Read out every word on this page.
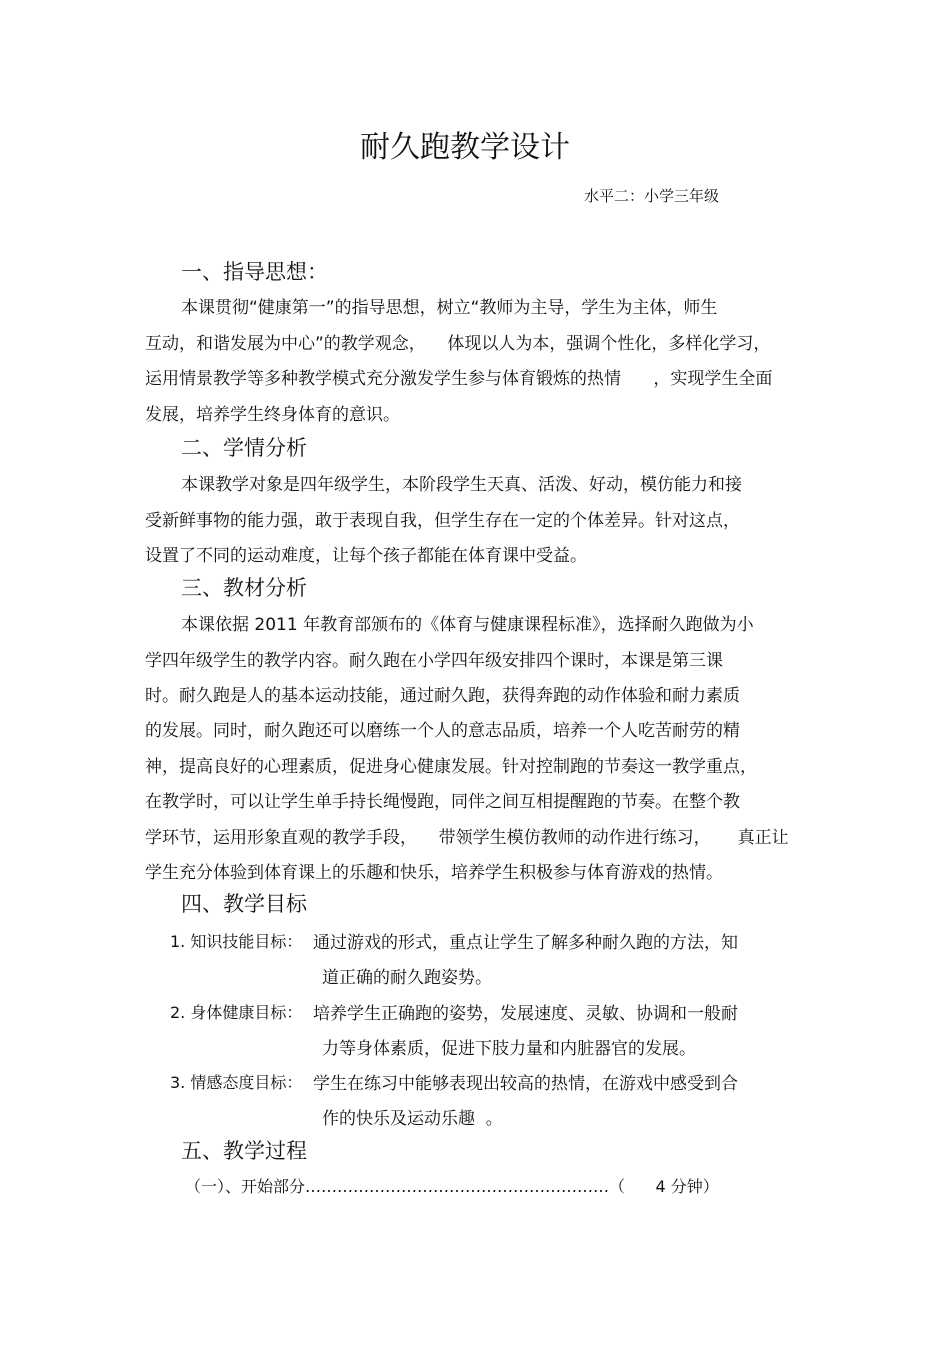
耐久跑教学设计
水平二：小学三年级
一、指导思想：
本课贯彻“健康第一”的指导思想，树立“教师为主导，学生为主体，师生
互动，和谐发展为中心”的教学观念，    体现以人为本，强调个性化，多样化学习，
运用情景教学等多种教学模式充分激发学生参与体育锻炼的热情      ，实现学生全面
发展，培养学生终身体育的意识。
二、学情分析
本课教学对象是四年级学生，本阶段学生天真、活泼、好动，模仿能力和接
受新鲜事物的能力强，敢于表现自我，但学生存在一定的个体差异。针对这点，
设置了不同的运动难度，让每个孩子都能在体育课中受益。
三、教材分析
本课依据 2011 年教育部颁布的《体育与健康课程标准》，选择耐久跑做为小
学四年级学生的教学内容。耐久跑在小学四年级安排四个课时，本课是第三课
时。耐久跑是人的基本运动技能，通过耐久跑，获得奔跑的动作体验和耐力素质
的发展。同时，耐久跑还可以磨练一个人的意志品质，培养一个人吃苦耐劳的精
神，提高良好的心理素质，促进身心健康发展。针对控制跑的节奏这一教学重点，
在教学时，可以让学生单手持长绳慢跑，同伴之间互相提醒跑的节奏。在整个教
学环节，运用形象直观的教学手段，    带领学生模仿教师的动作进行练习，     真正让
学生充分体验到体育课上的乐趣和快乐，培养学生积极参与体育游戏的热情。
四、教学目标
1. 知识技能目标： 通过游戏的形式，重点让学生了解多种耐久跑的方法，知
道正确的耐久跑姿势。
2. 身体健康目标： 培养学生正确跑的姿势，发展速度、灵敏、协调和一般耐
力等身体素质，促进下肢力量和内脏器官的发展。
3. 情感态度目标： 学生在练习中能够表现出较高的热情，在游戏中感受到合
作的快乐及运动乐趣  。
五、教学过程
（一）、开始部分…………………………………………………（      4 分钟）
